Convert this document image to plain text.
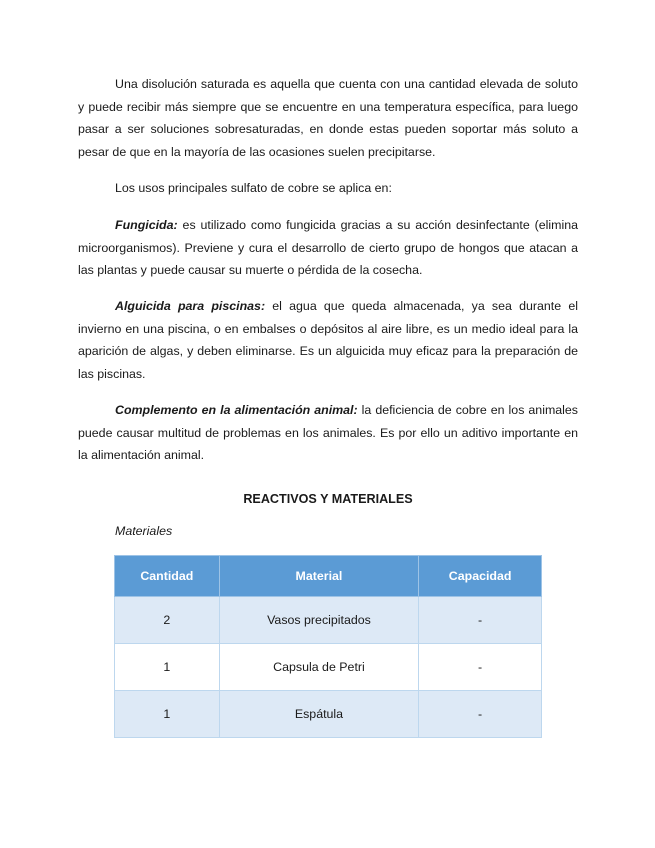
Una disolución saturada es aquella que cuenta con una cantidad elevada de soluto y puede recibir más siempre que se encuentre en una temperatura específica, para luego pasar a ser soluciones sobresaturadas, en donde estas pueden soportar más soluto a pesar de que en la mayoría de las ocasiones suelen precipitarse.

Los usos principales sulfato de cobre se aplica en:

Fungicida: es utilizado como fungicida gracias a su acción desinfectante (elimina microorganismos). Previene y cura el desarrollo de cierto grupo de hongos que atacan a las plantas y puede causar su muerte o pérdida de la cosecha.

Alguicida para piscinas: el agua que queda almacenada, ya sea durante el invierno en una piscina, o en embalses o depósitos al aire libre, es un medio ideal para la aparición de algas, y deben eliminarse. Es un alguicida muy eficaz para la preparación de las piscinas.

Complemento en la alimentación animal: la deficiencia de cobre en los animales puede causar multitud de problemas en los animales. Es por ello un aditivo importante en la alimentación animal.

REACTIVOS Y MATERIALES

Materiales

Cantidad	Material	Capacidad
2	Vasos precipitados	-
1	Capsula de Petri	-
1	Espátula	-
